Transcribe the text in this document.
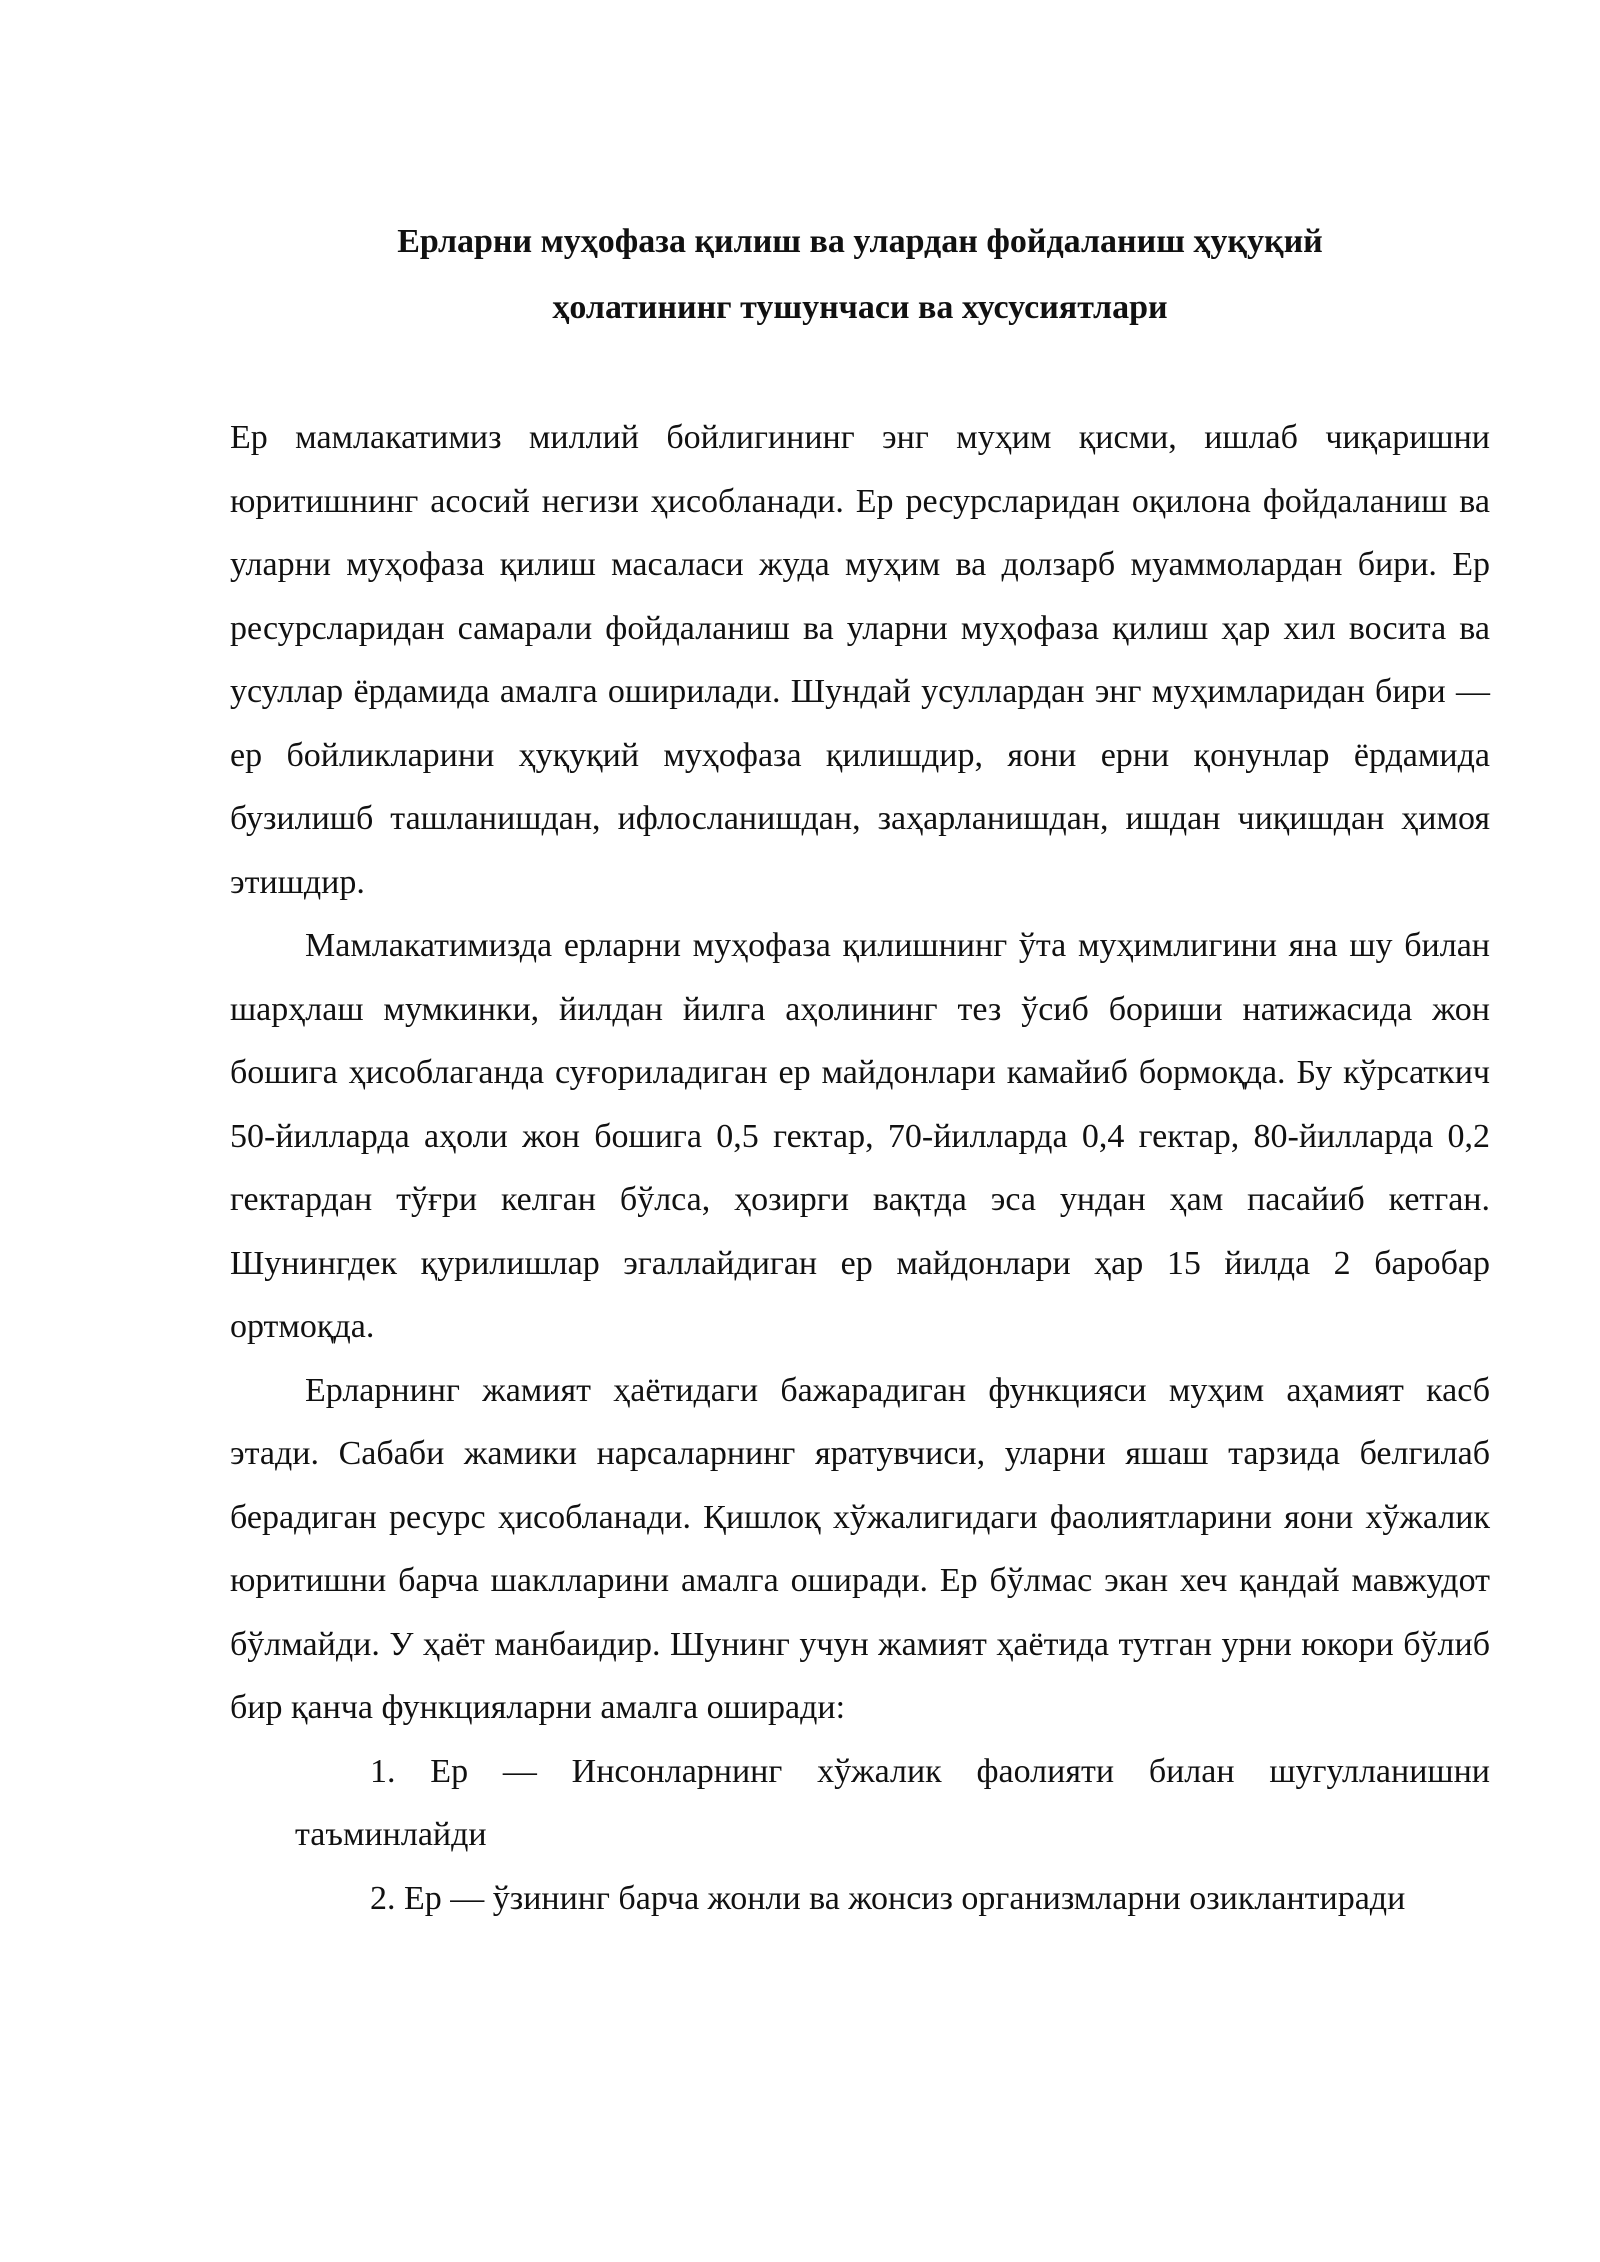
Ерларни муҳофаза қилиш ва улардан фойдаланиш ҳуқуқий
ҳолатининг тушунчаси ва хусусиятлари

Ер мамлакатимиз миллий бойлигининг энг муҳим қисми, ишлаб чиқаришни юритишнинг асосий негизи ҳисобланади. Ер ресурсларидан оқилона фойдаланиш ва уларни муҳофаза қилиш масаласи жуда муҳим ва долзарб муаммолардан бири. Ер ресурсларидан самарали фойдаланиш ва уларни муҳофаза қилиш ҳар хил восита ва усуллар ёрдамида амалга оширилади. Шундай усуллардан энг муҳимларидан бири — ер бойликларини ҳуқуқий муҳофаза қилишдир, яони ерни қонунлар ёрдамида бузилишб ташланишдан, ифлосланишдан, заҳарланишдан, ишдан чиқишдан ҳимоя этишдир.

Мамлакатимизда ерларни муҳофаза қилишнинг ўта муҳимлигини яна шу билан шарҳлаш мумкинки, йилдан йилга аҳолининг тез ўсиб бориши натижасида жон бошига ҳисоблаганда суғориладиган ер майдонлари камайиб бормоқда. Бу кўрсаткич 50-йилларда аҳоли жон бошига 0,5 гектар, 70-йилларда 0,4 гектар, 80-йилларда 0,2 гектардан тўғри келган бўлса, ҳозирги вақтда эса ундан ҳам пасайиб кетган. Шунингдек қурилишлар эгаллайдиган ер майдонлари ҳар 15 йилда 2 баробар ортмоқда.

Ерларнинг жамият ҳаётидаги бажарадиган функцияси муҳим аҳамият касб этади. Сабаби жамики нарсаларнинг яратувчиси, уларни яшаш тарзида белгилаб берадиган ресурс ҳисобланади. Қишлоқ хўжалигидаги фаолиятларини яони хўжалик юритишни барча шаклларини амалга оширади. Ер бўлмас экан хеч қандай мавжудот бўлмайди. У ҳаёт манбаидир. Шунинг учун жамият ҳаётида тутган урни юкори бўлиб бир қанча функцияларни амалга оширади:

1. Ер — Инсонларнинг хўжалик фаолияти билан шугулланишни таъминлайди
2. Ер — ўзининг барча жонли ва жонсиз организмларни озиклантиради
